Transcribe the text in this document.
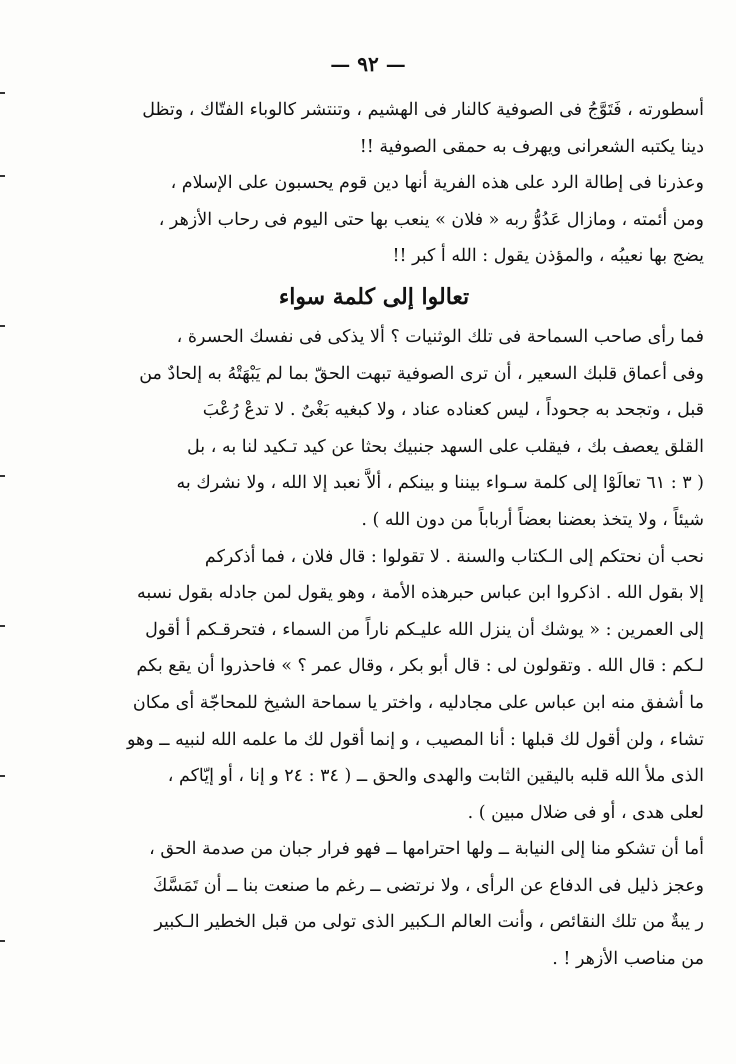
— ٩٢ —
أسطورته ، فَتَوَّجُ فى الصوفية كالنار فى الهشيم ، وتنتشر كالوباء الفتّاك ، وتظل
دينا يكتبه الشعرانى ويهرف به حمقى الصوفية !!
وعذرنا فى إطالة الرد على هذه الفرية أنها دين قوم يحسبون على الإسلام ،
ومن أئمته ، ومازال عَدُوُّ ربه « فلان » ينعب بها حتى اليوم فى رحاب الأزهر ،
يضج بها نعيبُه ، والمؤذن يقول : الله أ كبر !!
تعالوا إلى كلمة سواء
فما رأى صاحب السماحة فى تلك الوثنيات ؟ ألا يذكى فى نفسك الحسرة ،
وفى أعماق قلبك السعير ، أن ترى الصوفية تبهت الحقّ بما لم يَبْهَتْهُ به إلحادٌ من
قبل ، وتجحد به جحوداً ، ليس كعناده عناد ، ولا كبغيه بَغْىٌ . لا تدعْ رُعْبَ
القلق يعصف بك ، فيقلب على السهد جنبيك بحثا عن كيد تـكيد لنا به ، بل
( ٣ : ٦١ تعالَوْا إلى كلمة سـواء بيننا و بينكم ، ألاَّ نعبد إلا الله ، ولا نشرك به
شيئاً ، ولا يتخذ بعضنا بعضاً أرباباً من دون الله ) .
نحب أن نحتكم إلى الـكتاب والسنة . لا تقولوا : قال فلان ، فما أذكركم
إلا بقول الله . اذكروا ابن عباس حبرهذه الأمة ، وهو يقول لمن جادله بقول نسبه
إلى العمرين : « يوشك أن ينزل الله عليـكم ناراً من السماء ، فتحرقـكم أ أقول
لـكم : قال الله . وتقولون لى : قال أبو بكر ، وقال عمر ؟ » فاحذروا أن يقع بكم
ما أشفق منه ابن عباس على مجادليه ، واختر يا سماحة الشيخ للمحاجّة أى مكان
تشاء ، ولن أقول لك قبلها : أنا المصيب ، و إنما أقول لك ما علمه الله لنبيه ــ وهو
الذى ملأ الله قلبه باليقين الثابت والهدى والحق ــ ( ٣٤ : ٢٤ و إنا ، أو إيّاكم ،
لعلى هدى ، أو فى ضلال مبين ) .
أما أن تشكو منا إلى النيابة ــ ولها احترامها ــ فهو فرار جبان من صدمة الحق ،
وعجز ذليل فى الدفاع عن الرأى ، ولا نرتضى ــ رغم ما صنعت بنا ــ أن تَمَسَّكَ
ر يبةٌ من تلك النقائص ، وأنت العالم الـكبير الذى تولى من قبل الخطير الـكبير
من مناصب الأزهر ! .
